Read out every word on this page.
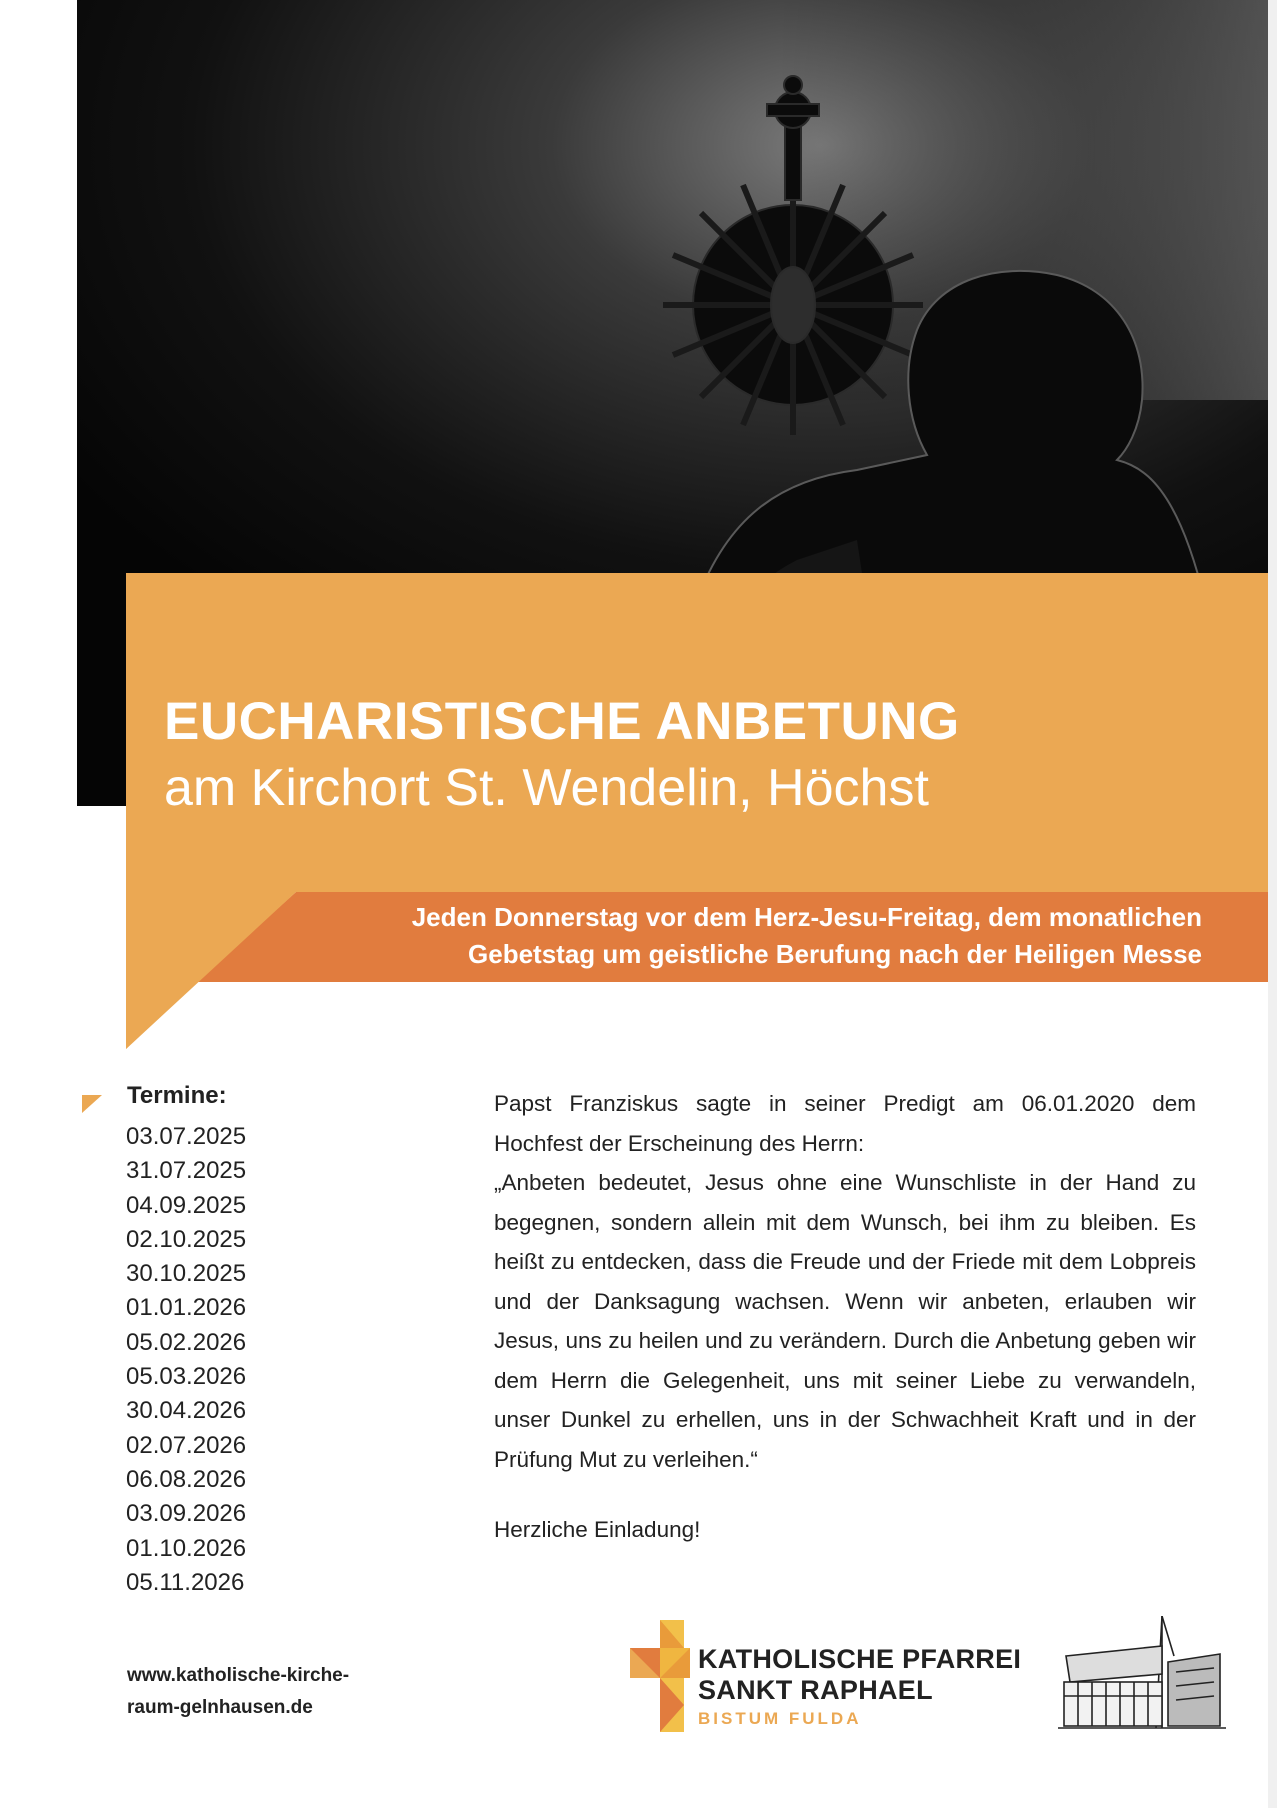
EUCHARISTISCHE ANBETUNG
am Kirchort St. Wendelin, Höchst
Jeden Donnerstag vor dem Herz-Jesu-Freitag, dem monatlichen
Gebetstag um geistliche Berufung nach der Heiligen Messe
Termine:
03.07.2025
31.07.2025
04.09.2025
02.10.2025
30.10.2025
01.01.2026
05.02.2026
05.03.2026
30.04.2026
02.07.2026
06.08.2026
03.09.2026
01.10.2026
05.11.2026
www.katholische-kirche-
raum-gelnhausen.de

Papst Franziskus sagte in seiner Predigt am 06.01.2020 dem Hochfest der Erscheinung des Herrn:

„Anbeten bedeutet, Jesus ohne eine Wunschliste in der Hand zu begegnen, sondern allein mit dem Wunsch, bei ihm zu bleiben. Es heißt zu entdecken, dass die Freude und der Friede mit dem Lobpreis und der Danksagung wachsen. Wenn wir anbeten, erlauben wir Jesus, uns zu heilen und zu verändern. Durch die Anbetung geben wir dem Herrn die Gelegenheit, uns mit seiner Liebe zu verwandeln, unser Dunkel zu erhellen, uns in der Schwachheit Kraft und in der Prüfung Mut zu verleihen.“

Herzliche Einladung!
KATHOLISCHE PFARREI
SANKT RAPHAEL
BISTUM FULDA
